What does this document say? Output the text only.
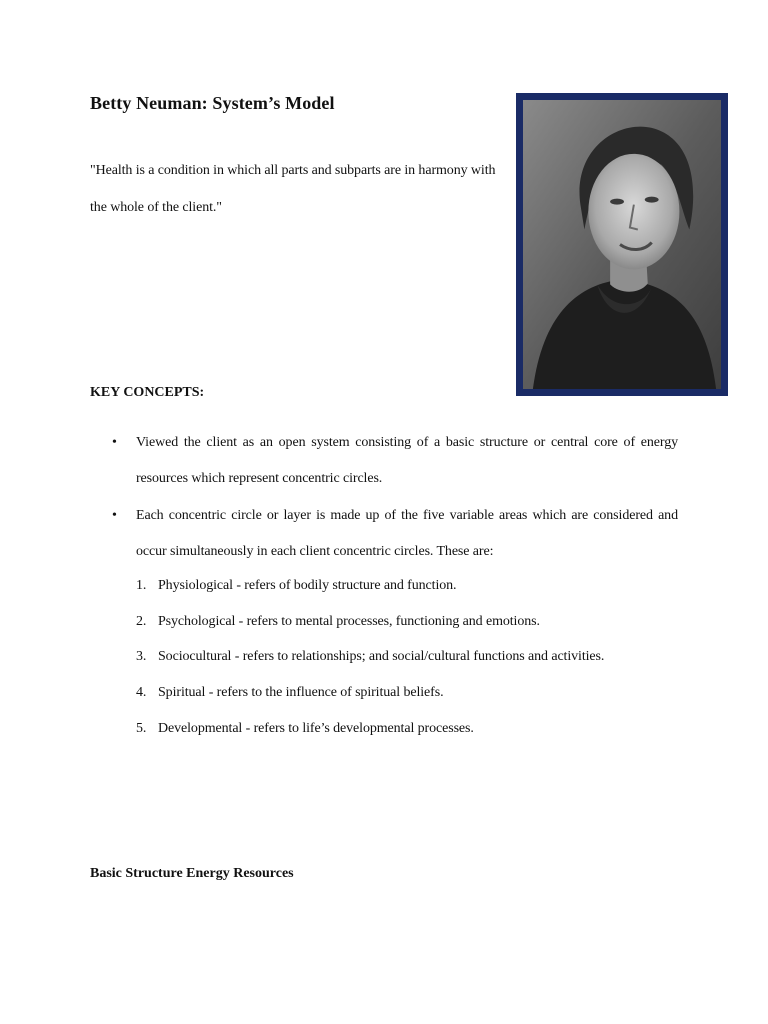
Betty Neuman: System’s Model
"Health is a condition in which all parts and subparts are in harmony with the whole of the client."
KEY CONCEPTS:
• Viewed the client as an open system consisting of a basic structure or central core of energy resources which represent concentric circles.
• Each concentric circle or layer is made up of the five variable areas which are considered and occur simultaneously in each client concentric circles. These are:
1. Physiological - refers of bodily structure and function.
2. Psychological - refers to mental processes, functioning and emotions.
3. Sociocultural - refers to relationships; and social/cultural functions and activities.
4. Spiritual - refers to the influence of spiritual beliefs.
5. Developmental - refers to life’s developmental processes.
Basic Structure Energy Resources
